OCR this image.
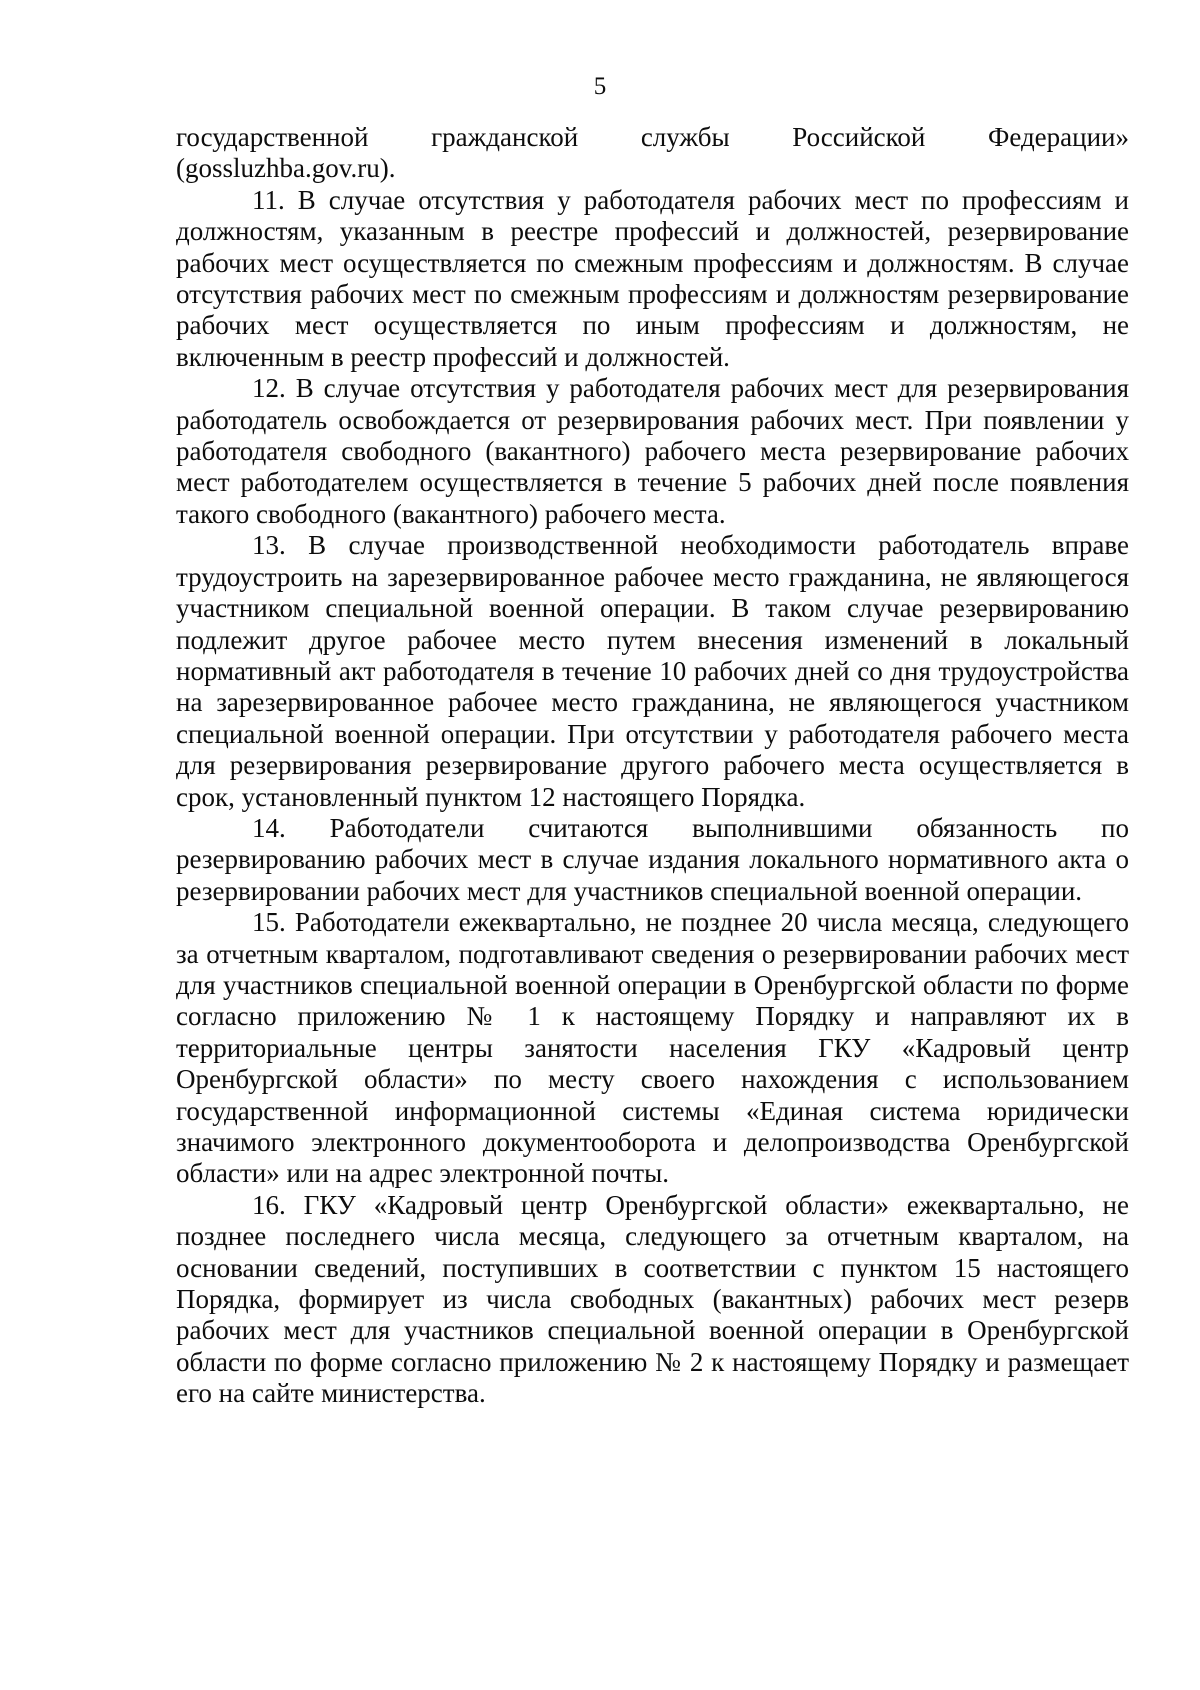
5

государственной гражданской службы Российской Федерации» (gossluzhba.gov.ru).

11. В случае отсутствия у работодателя рабочих мест по профессиям и должностям, указанным в реестре профессий и должностей, резервирование рабочих мест осуществляется по смежным профессиям и должностям. В случае отсутствия рабочих мест по смежным профессиям и должностям резервирование рабочих мест осуществляется по иным профессиям и должностям, не включенным в реестр профессий и должностей.

12. В случае отсутствия у работодателя рабочих мест для резервирования работодатель освобождается от резервирования рабочих мест. При появлении у работодателя свободного (вакантного) рабочего места резервирование рабочих мест работодателем осуществляется в течение 5 рабочих дней после появления такого свободного (вакантного) рабочего места.

13. В случае производственной необходимости работодатель вправе трудоустроить на зарезервированное рабочее место гражданина, не являющегося участником специальной военной операции. В таком случае резервированию подлежит другое рабочее место путем внесения изменений в локальный нормативный акт работодателя в течение 10 рабочих дней со дня трудоустройства на зарезервированное рабочее место гражданина, не являющегося участником специальной военной операции. При отсутствии у работодателя рабочего места для резервирования резервирование другого рабочего места осуществляется в срок, установленный пунктом 12 настоящего Порядка.

14. Работодатели считаются выполнившими обязанность по резервированию рабочих мест в случае издания локального нормативного акта о резервировании рабочих мест для участников специальной военной операции.

15. Работодатели ежеквартально, не позднее 20 числа месяца, следующего за отчетным кварталом, подготавливают сведения о резервировании рабочих мест для участников специальной военной операции в Оренбургской области по форме согласно приложению № 1 к настоящему Порядку и направляют их в территориальные центры занятости населения ГКУ «Кадровый центр Оренбургской области» по месту своего нахождения с использованием государственной информационной системы «Единая система юридически значимого электронного документооборота и делопроизводства Оренбургской области» или на адрес электронной почты.

16. ГКУ «Кадровый центр Оренбургской области» ежеквартально, не позднее последнего числа месяца, следующего за отчетным кварталом, на основании сведений, поступивших в соответствии с пунктом 15 настоящего Порядка, формирует из числа свободных (вакантных) рабочих мест резерв рабочих мест для участников специальной военной операции в Оренбургской области по форме согласно приложению № 2 к настоящему Порядку и размещает его на сайте министерства.
